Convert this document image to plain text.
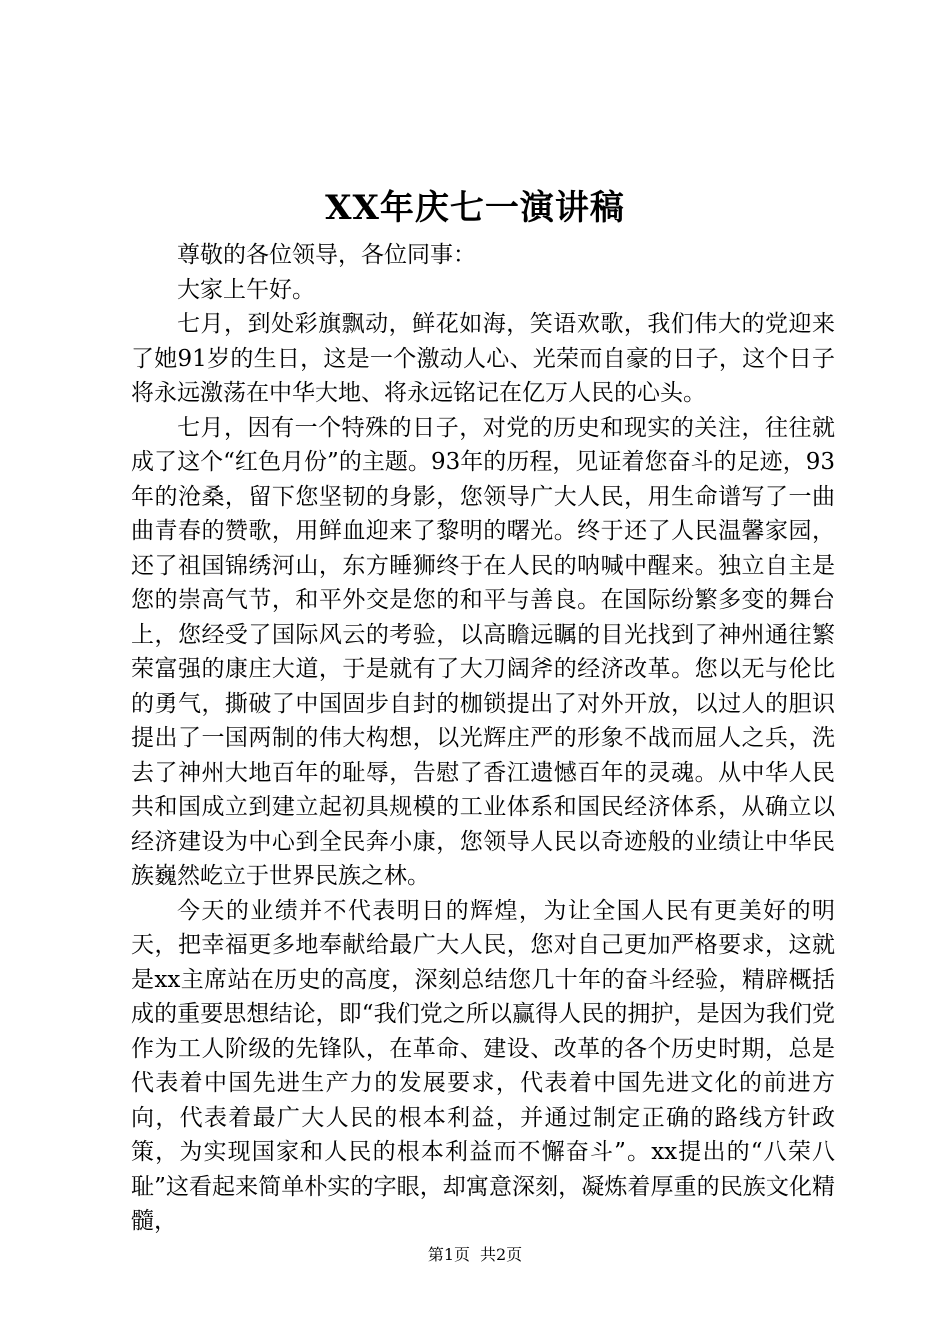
XX年庆七一演讲稿

尊敬的各位领导，各位同事：

大家上午好。

七月，到处彩旗飘动，鲜花如海，笑语欢歌，我们伟大的党迎来了她91岁的生日，这是一个激动人心、光荣而自豪的日子，这个日子将永远激荡在中华大地、将永远铭记在亿万人民的心头。

七月，因有一个特殊的日子，对党的历史和现实的关注，往往就成了这个“红色月份”的主题。93年的历程，见证着您奋斗的足迹，93年的沧桑，留下您坚韧的身影，您领导广大人民，用生命谱写了一曲曲青春的赞歌，用鲜血迎来了黎明的曙光。终于还了人民温馨家园，还了祖国锦绣河山，东方睡狮终于在人民的呐喊中醒来。独立自主是您的崇高气节，和平外交是您的和平与善良。在国际纷繁多变的舞台上，您经受了国际风云的考验，以高瞻远瞩的目光找到了神州通往繁荣富强的康庄大道，于是就有了大刀阔斧的经济改革。您以无与伦比的勇气，撕破了中国固步自封的枷锁提出了对外开放，以过人的胆识提出了一国两制的伟大构想，以光辉庄严的形象不战而屈人之兵，洗去了神州大地百年的耻辱，告慰了香江遗憾百年的灵魂。从中华人民共和国成立到建立起初具规模的工业体系和国民经济体系，从确立以经济建设为中心到全民奔小康，您领导人民以奇迹般的业绩让中华民族巍然屹立于世界民族之林。

今天的业绩并不代表明日的辉煌，为让全国人民有更美好的明天，把幸福更多地奉献给最广大人民，您对自己更加严格要求，这就是xx主席站在历史的高度，深刻总结您几十年的奋斗经验，精辟概括成的重要思想结论，即“我们党之所以赢得人民的拥护，是因为我们党作为工人阶级的先锋队，在革命、建设、改革的各个历史时期，总是代表着中国先进生产力的发展要求，代表着中国先进文化的前进方向，代表着最广大人民的根本利益，并通过制定正确的路线方针政策，为实现国家和人民的根本利益而不懈奋斗”。xx提出的“八荣八耻”这看起来简单朴实的字眼，却寓意深刻，凝炼着厚重的民族文化精髓，

第1页 共2页
